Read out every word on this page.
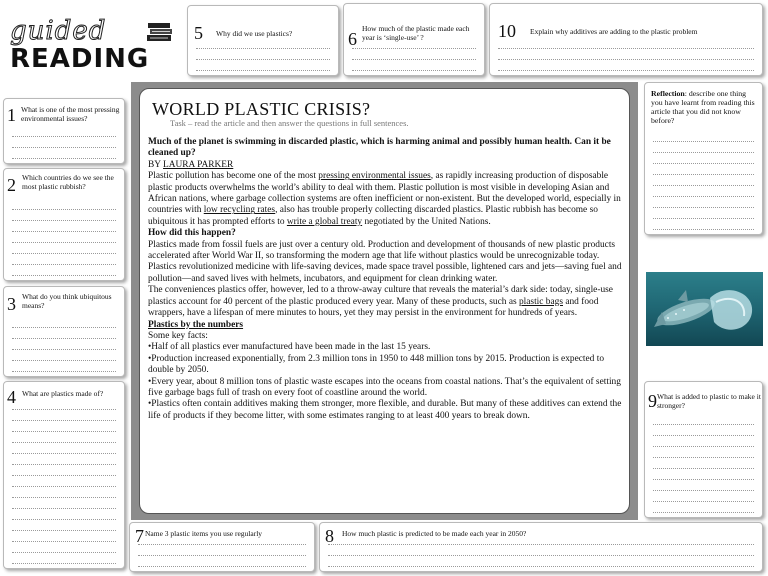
guided
READING
5 Why did we use plastics?	6
How much of the plastic made each year is ‘single-use’ ?	10 Explain why additives are adding to the plastic problem
1 What is one of the most pressing environmental issues?
2 Which countries do we see the most plastic rubbish?
3 What do you think ubiquitous means?
4 What are plastics made of?
WORLD PLASTIC CRISIS?
Task – read the article and then answer the questions in full sentences.

Much of the planet is swimming in discarded plastic, which is harming animal and possibly human health. Can it be cleaned up?

BY LAURA PARKER

Plastic pollution has become one of the most pressing environmental issues, as rapidly increasing production of disposable plastic products overwhelms the world’s ability to deal with them. Plastic pollution is most visible in developing Asian and African nations, where garbage collection systems are often inefficient or non-existent. But the developed world, especially in countries with low recycling rates, also has trouble properly collecting discarded plastics. Plastic rubbish has become so ubiquitous it has prompted efforts to write a global treaty negotiated by the United Nations.

How did this happen?

Plastics made from fossil fuels are just over a century old. Production and development of thousands of new plastic products accelerated after World War II, so transforming the modern age that life without plastics would be unrecognizable today. Plastics revolutionized medicine with life-saving devices, made space travel possible, lightened cars and jets—saving fuel and pollution—and saved lives with helmets, incubators, and equipment for clean drinking water.

The conveniences plastics offer, however, led to a throw-away culture that reveals the material’s dark side: today, single-use plastics account for 40 percent of the plastic produced every year. Many of these products, such as plastic bags and food wrappers, have a lifespan of mere minutes to hours, yet they may persist in the environment for hundreds of years.

Plastics by the numbers

Some key facts:

•Half of all plastics ever manufactured have been made in the last 15 years.

•Production increased exponentially, from 2.3 million tons in 1950 to 448 million tons by 2015. Production is expected to double by 2050.

•Every year, about 8 million tons of plastic waste escapes into the oceans from coastal nations. That’s the equivalent of setting five garbage bags full of trash on every foot of coastline around the world.

•Plastics often contain additives making them stronger, more flexible, and durable. But many of these additives can extend the life of products if they become litter, with some estimates ranging to at least 400 years to break down.

Reflection: describe one thing you have learnt from reading this article that you did not know before?
9 What is added to plastic to make it stronger?
7 Name 3 plastic items you use regularly	8 How much plastic is predicted to be made each year in 2050?
